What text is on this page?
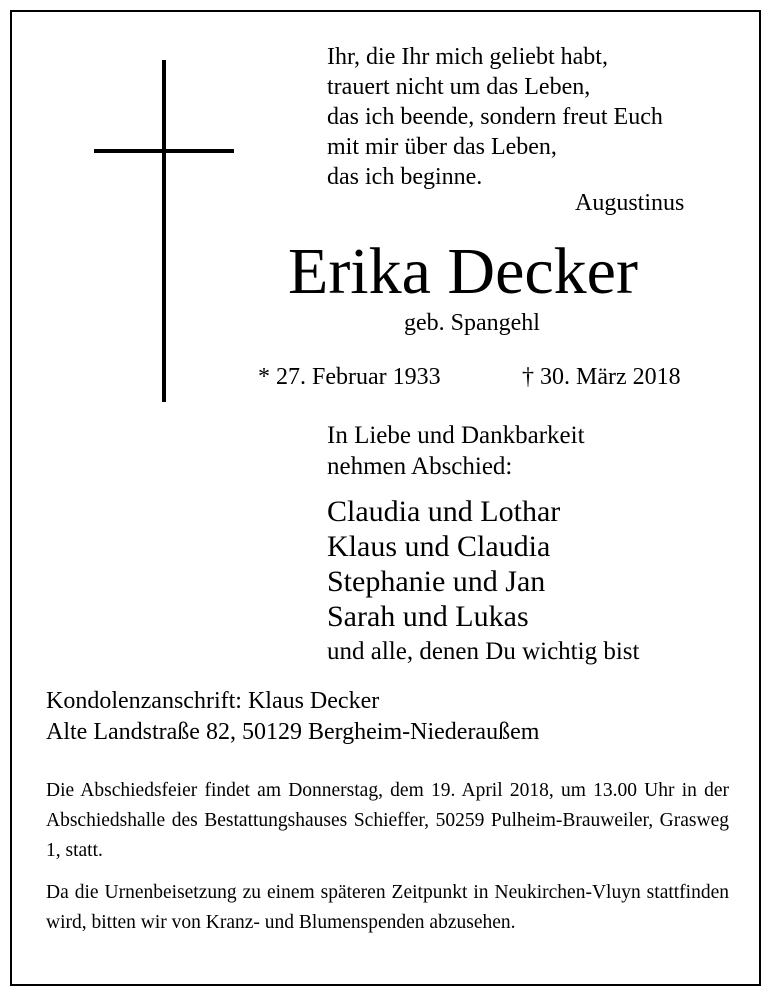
Ihr, die Ihr mich geliebt habt,
trauert nicht um das Leben,
das ich beende, sondern freut Euch
mit mir über das Leben,
das ich beginne.
Augustinus
Erika Decker
geb. Spangehl
* 27. Februar 1933	† 30. März 2018
In Liebe und Dankbarkeit
nehmen Abschied:
Claudia und Lothar
Klaus und Claudia
Stephanie und Jan
Sarah und Lukas
und alle, denen Du wichtig bist
Kondolenzanschrift: Klaus Decker
Alte Landstraße 82, 50129 Bergheim-Niederaußem
Die Abschiedsfeier findet am Donnerstag, dem 19. April 2018, um 13.00 Uhr in der Abschiedshalle des Bestattungshauses Schieffer, 50259 Pulheim-Brauweiler, Grasweg 1, statt.
Da die Urnenbeisetzung zu einem späteren Zeitpunkt in Neukirchen-Vluyn stattfinden wird, bitten wir von Kranz- und Blumenspenden abzusehen.
